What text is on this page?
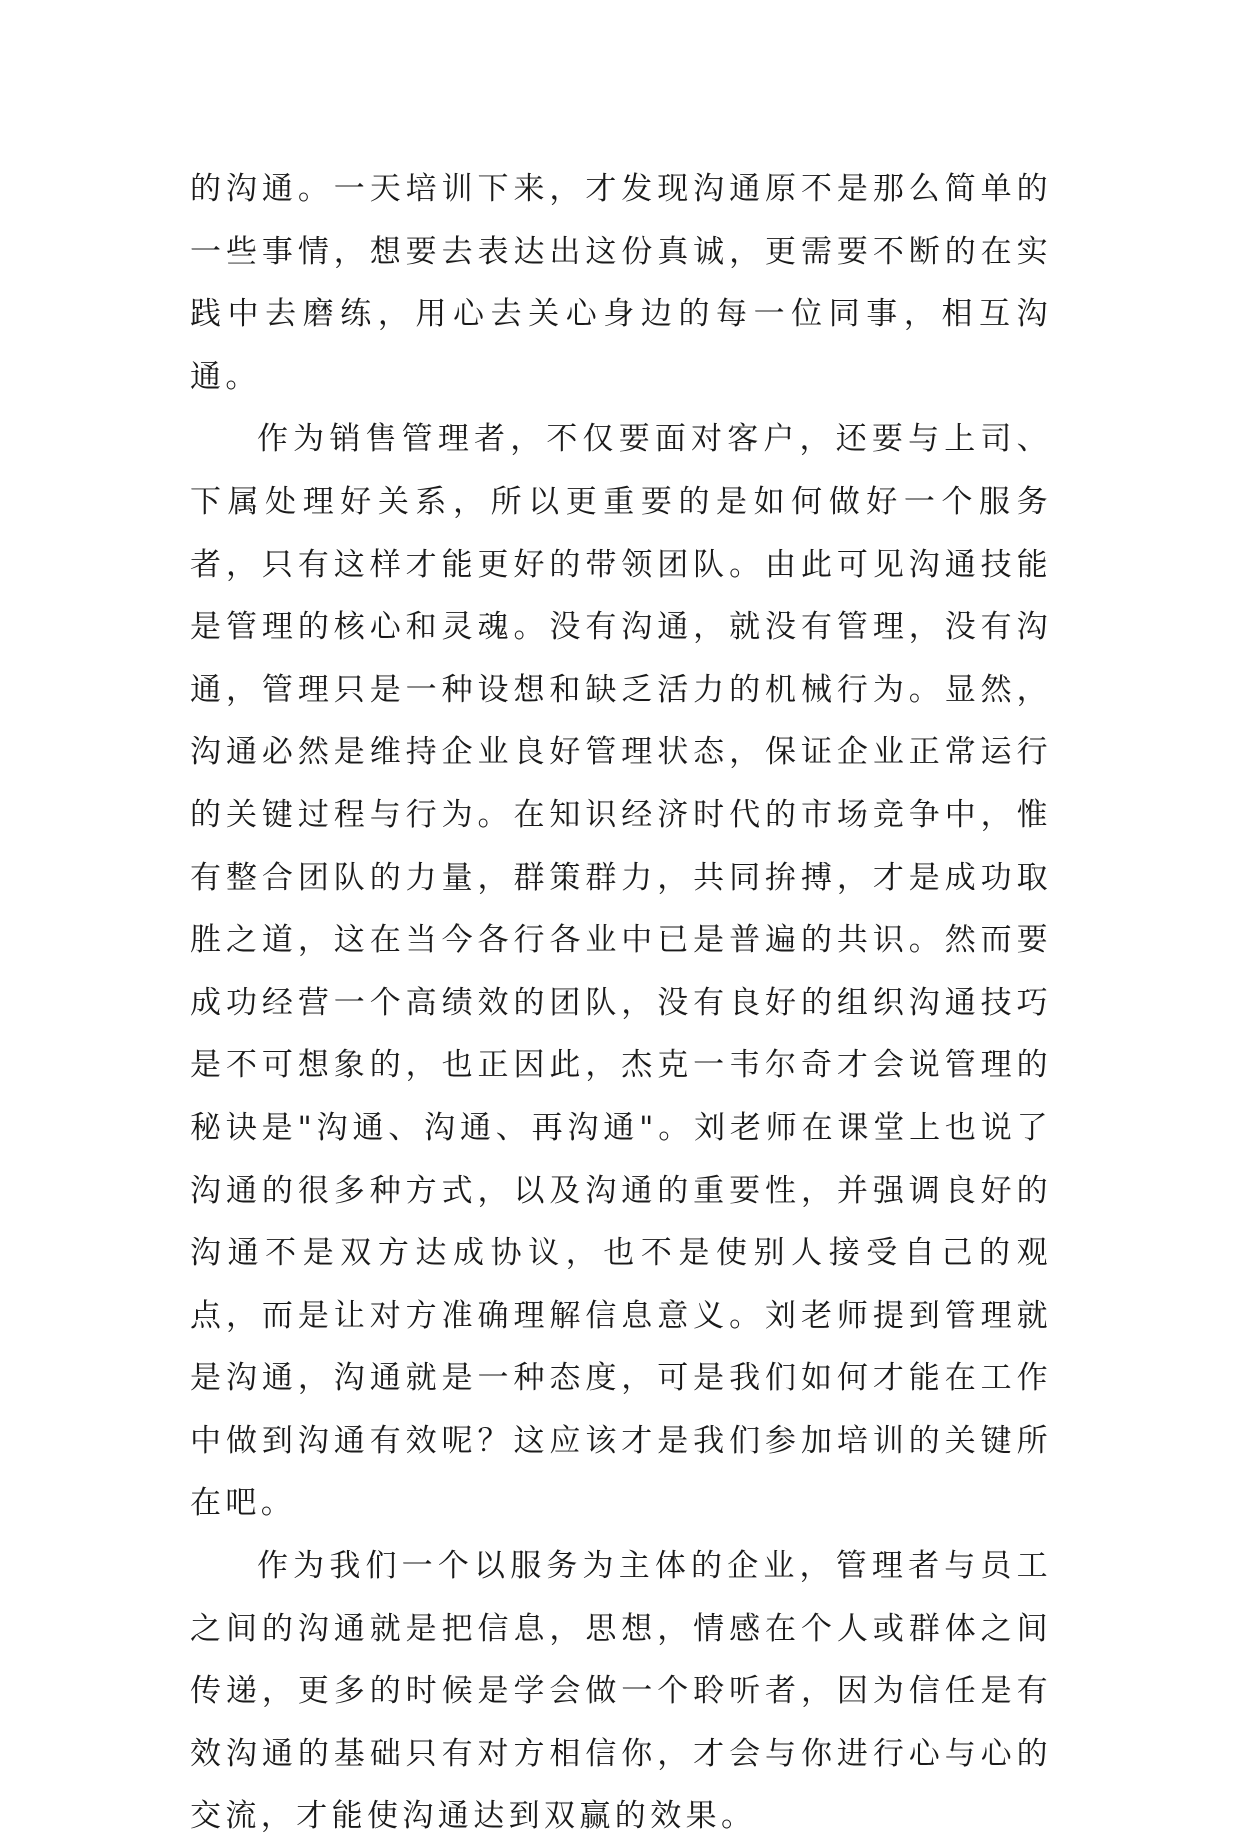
的沟通。一天培训下来，才发现沟通原不是那么简单的一些事情，想要去表达出这份真诚，更需要不断的在实践中去磨练，用心去关心身边的每一位同事，相互沟通。

作为销售管理者，不仅要面对客户，还要与上司、下属处理好关系，所以更重要的是如何做好一个服务者，只有这样才能更好的带领团队。由此可见沟通技能是管理的核心和灵魂。没有沟通，就没有管理，没有沟通，管理只是一种设想和缺乏活力的机械行为。显然，沟通必然是维持企业良好管理状态，保证企业正常运行的关键过程与行为。在知识经济时代的市场竞争中，惟有整合团队的力量，群策群力，共同拚搏，才是成功取胜之道，这在当今各行各业中已是普遍的共识。然而要成功经营一个高绩效的团队，没有良好的组织沟通技巧是不可想象的，也正因此，杰克一韦尔奇才会说管理的秘诀是"沟通、沟通、再沟通"。刘老师在课堂上也说了沟通的很多种方式，以及沟通的重要性，并强调良好的沟通不是双方达成协议，也不是使别人接受自己的观点，而是让对方准确理解信息意义。刘老师提到管理就是沟通，沟通就是一种态度，可是我们如何才能在工作中做到沟通有效呢？这应该才是我们参加培训的关键所在吧。

作为我们一个以服务为主体的企业，管理者与员工之间的沟通就是把信息，思想，情感在个人或群体之间传递，更多的时候是学会做一个聆听者，因为信任是有效沟通的基础只有对方相信你，才会与你进行心与心的交流，才能使沟通达到双赢的效果。
